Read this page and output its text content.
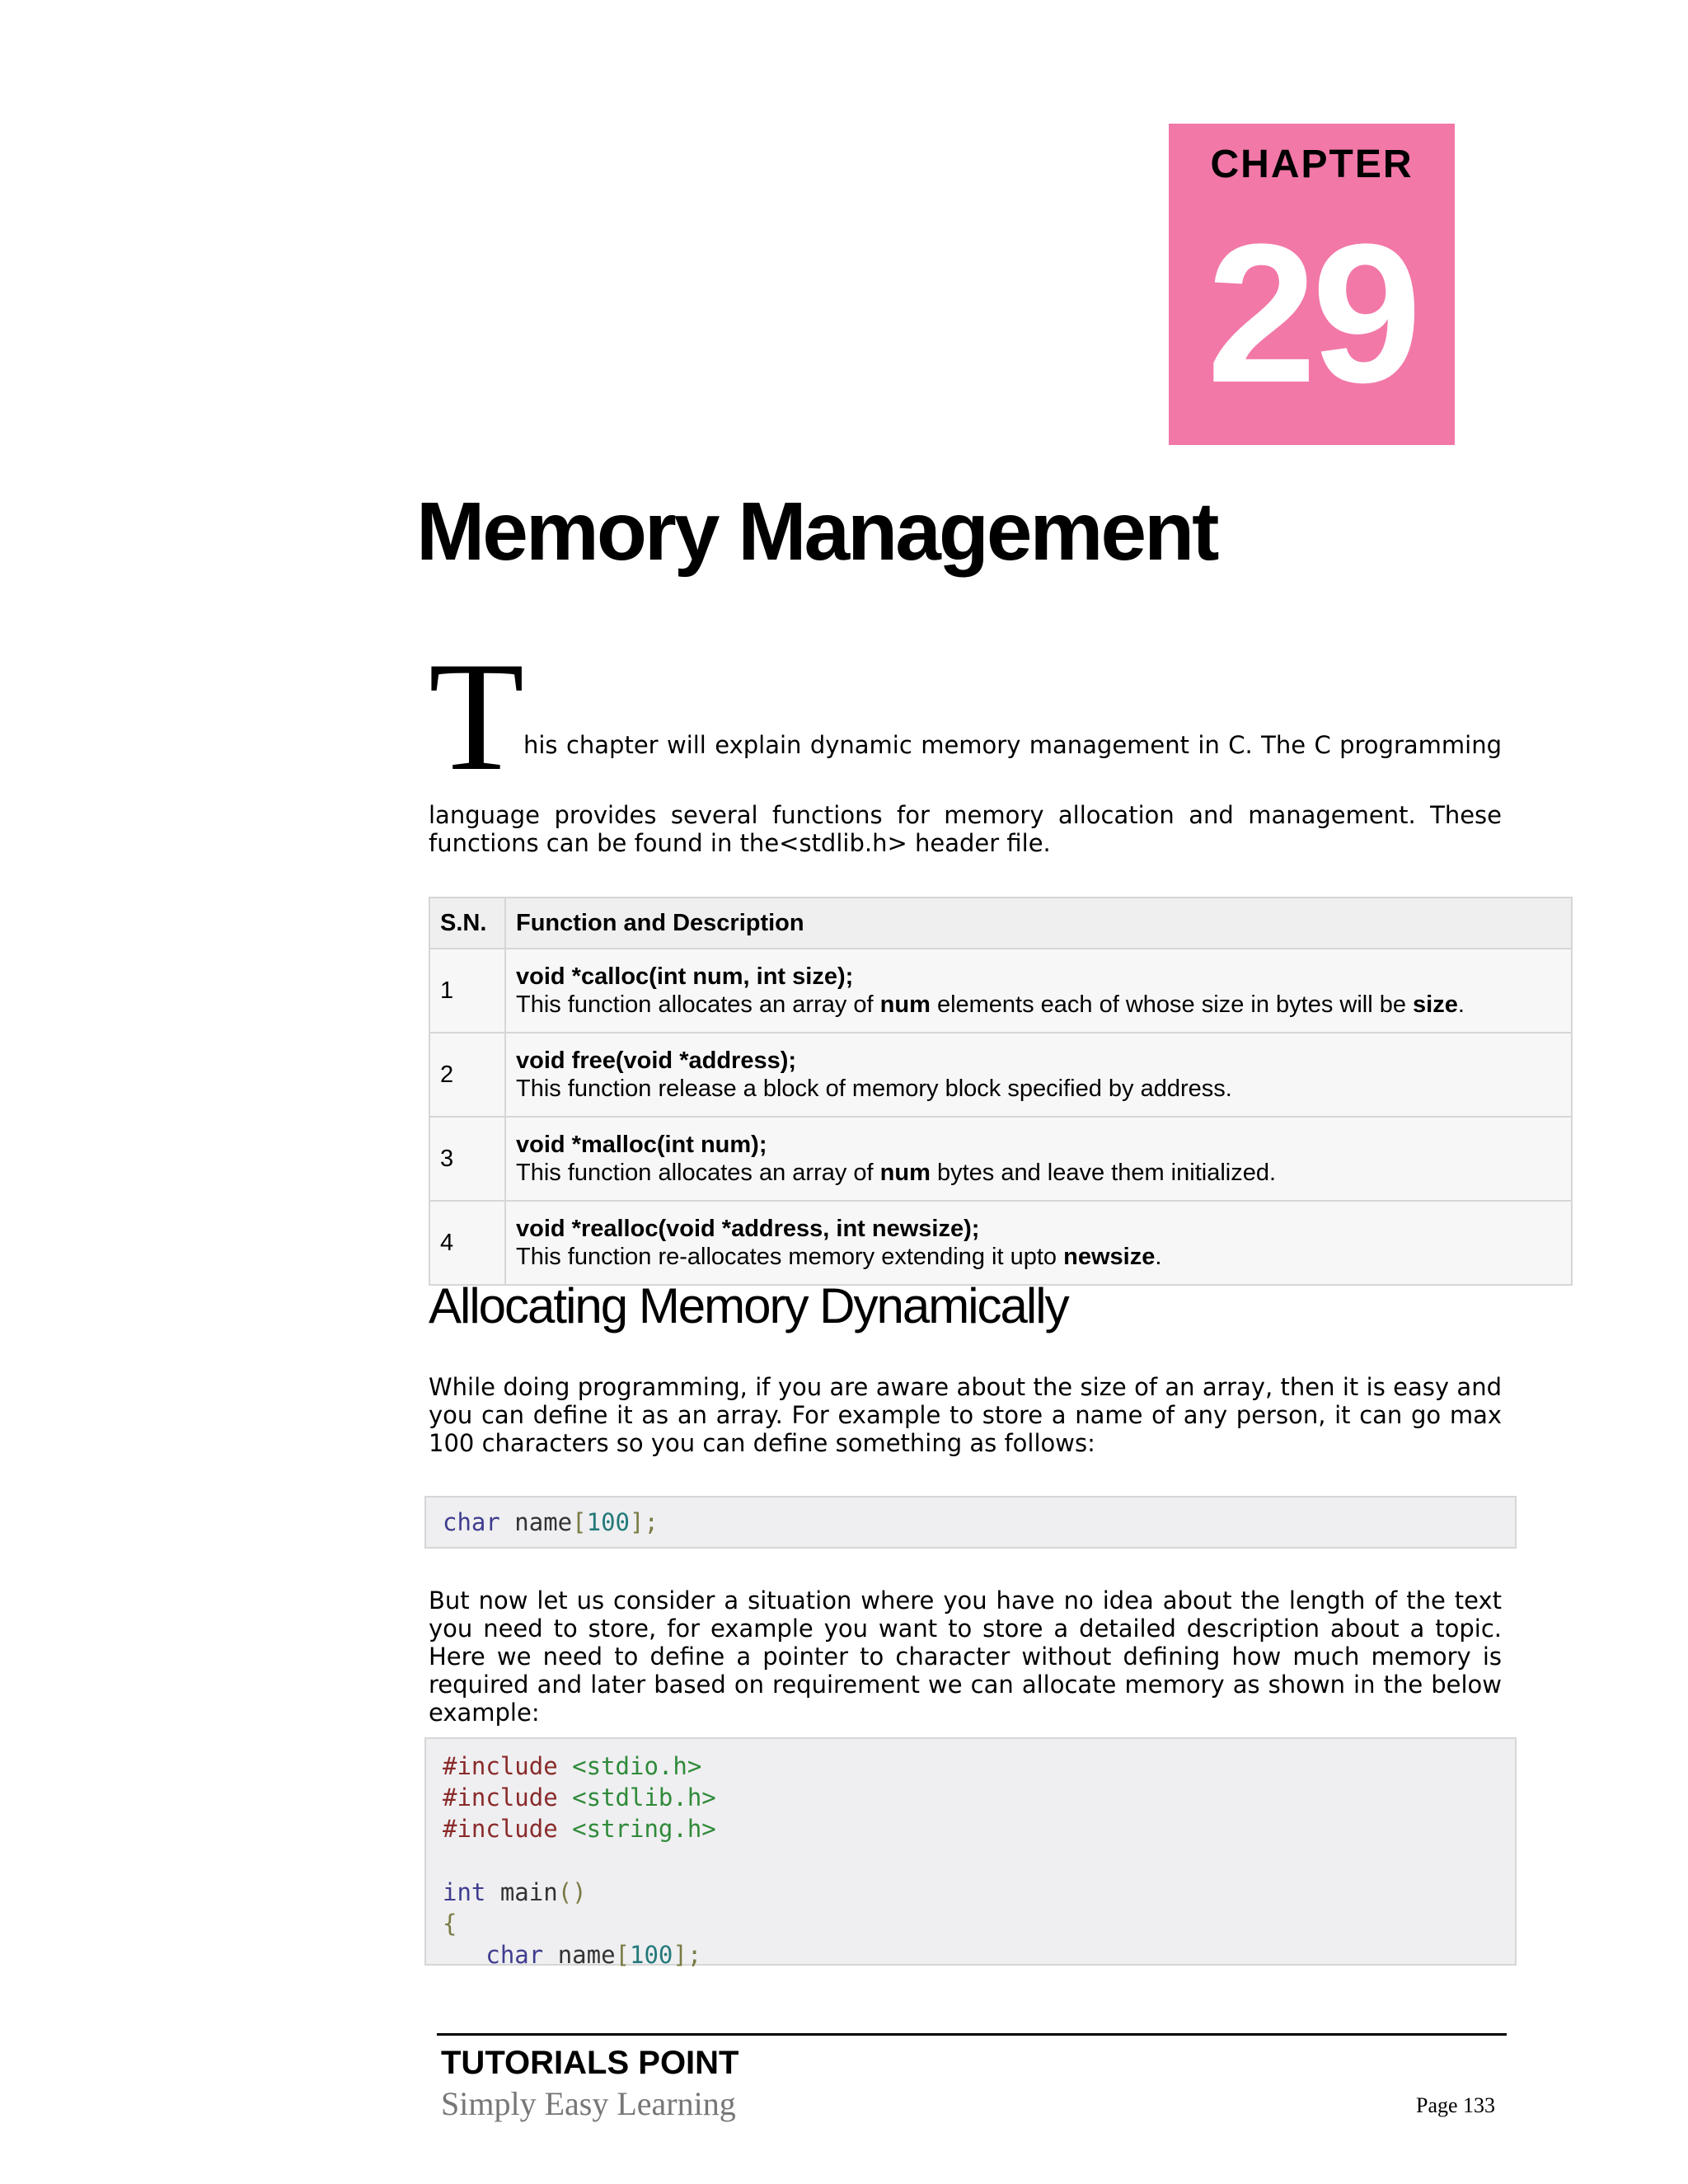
CHAPTER
29
Memory Management
T
his chapter will explain dynamic memory management in C. The C programming
language provides several functions for memory allocation and management. These functions can be found in the<stdlib.h> header file.
S.N.	Function and Description
1	void *calloc(int num, int size);
This function allocates an array of num elements each of whose size in bytes will be size.

2	void free(void *address);
This function release a block of memory block specified by address.

3	void *malloc(int num);
This function allocates an array of num bytes and leave them initialized.

4	void *realloc(void *address, int newsize);
This function re-allocates memory extending it upto newsize.
Allocating Memory Dynamically
While doing programming, if you are aware about the size of an array, then it is easy and you can define it as an array. For example to store a name of any person, it can go max 100 characters so you can define something as follows:
char name[100];
But now let us consider a situation where you have no idea about the length of the text you need to store, for example you want to store a detailed description about a topic. Here we need to define a pointer to character without defining how much memory is required and later based on requirement we can allocate memory as shown in the below example:
#include <stdio.h>
#include <stdlib.h>
#include <string.h>

int main()
{
char name[100];
TUTORIALS POINT
Simply Easy Learning	Page 133
